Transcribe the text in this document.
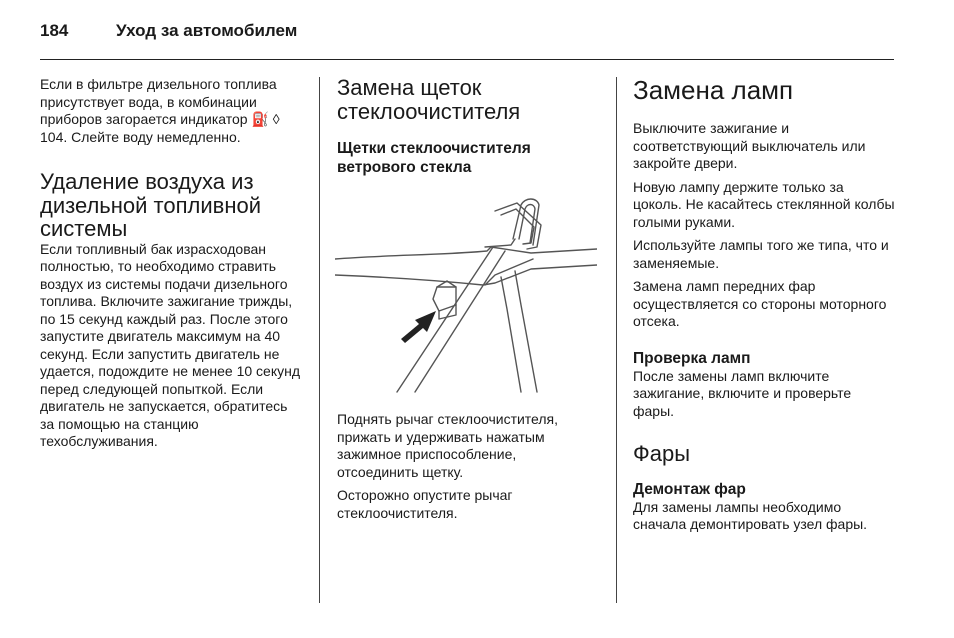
184	Уход за автомобилем

Если в фильтре дизельного топлива присутствует вода, в комбинации приборов загорается индикатор ⛽ ◊ 104. Слейте воду немедленно.

Удаление воздуха из дизельной топливной системы

Если топливный бак израсходован полностью, то необходимо стравить воздух из системы подачи дизельного топлива. Включите зажигание трижды, по 15 секунд каждый раз. После этого запустите двигатель максимум на 40 секунд. Если запустить двигатель не удается, подождите не менее 10 секунд перед следующей попыткой. Если двигатель не запускается, обратитесь за помощью на станцию техобслуживания.

Замена щеток стеклоочистителя
Щетки стеклоочистителя ветрового стекла

Поднять рычаг стеклоочистителя, прижать и удерживать нажатым зажимное приспособление, отсоединить щетку.

Осторожно опустите рычаг стеклоочистителя.

Замена ламп

Выключите зажигание и соответствующий выключатель или закройте двери.

Новую лампу держите только за цоколь. Не касайтесь стеклянной колбы голыми руками.

Используйте лампы того же типа, что и заменяемые.

Замена ламп передних фар осуществляется со стороны моторного отсека.

Проверка ламп

После замены ламп включите зажигание, включите и проверьте фары.

Фары
Демонтаж фар

Для замены лампы необходимо сначала демонтировать узел фары.
